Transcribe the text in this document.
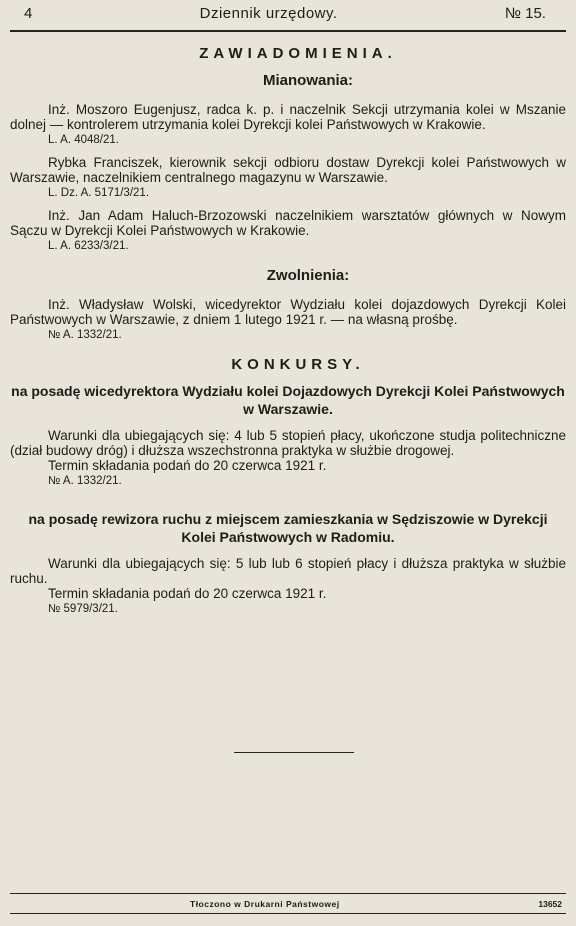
4	Dziennik urzędowy.	№ 15.
ZAWIADOMIENIA.
Mianowania:

Inż. Moszoro Eugenjusz, radca k. p. i naczelnik Sekcji utrzymania kolei w Mszanie dolnej — kontrolerem utrzymania kolei Dyrekcji kolei Państwowych w Krakowie.

L. A. 4048/21.

Rybka Franciszek, kierownik sekcji odbioru dostaw Dyrekcji kolei Państwowych w Warszawie, naczelnikiem centralnego magazynu w Warszawie.

L. Dz. A. 5171/3/21.

Inż. Jan Adam Haluch-Brzozowski naczelnikiem warsztatów głównych w Nowym Sączu w Dyrekcji Kolei Państwowych w Krakowie.

L. A. 6233/3/21.

Zwolnienia:

Inż. Władysław Wolski, wicedyrektor Wydziału kolei dojazdowych Dyrekcji Kolei Państwowych w Warszawie, z dniem 1 lutego 1921 r. — na własną prośbę.

№ A. 1332/21.

KONKURSY.

na posadę wicedyrektora Wydziału kolei Dojazdowych Dyrekcji Kolei Państwowych w Warszawie.

Warunki dla ubiegających się: 4 lub 5 stopień płacy, ukończone studja politechniczne (dział budowy dróg) i dłuższa wszechstronna praktyka w służbie drogowej.

Termin składania podań do 20 czerwca 1921 r.

№ A. 1332/21.

na posadę rewizora ruchu z miejscem zamieszkania w Sędziszowie w Dyrekcji Kolei Państwowych w Radomiu.

Warunki dla ubiegających się: 5 lub lub 6 stopień płacy i dłuższa praktyka w służbie ruchu.

Termin składania podań do 20 czerwca 1921 r.

№ 5979/3/21.

Tłoczono w Drukarni Państwowej	13652
